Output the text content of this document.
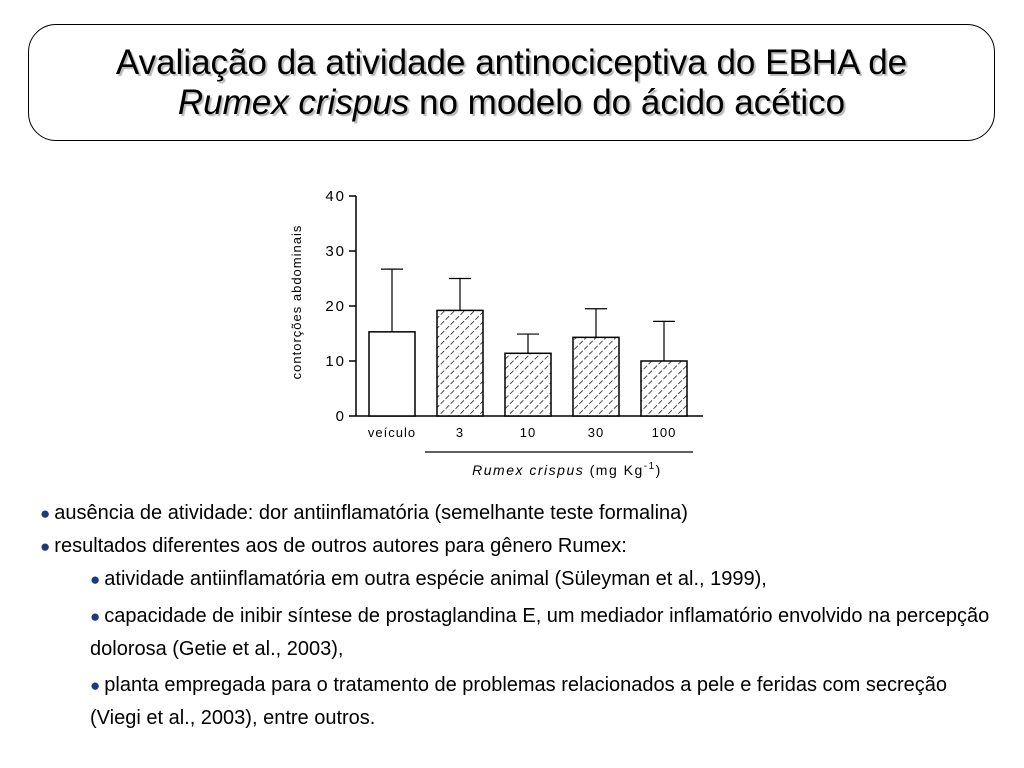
Avaliação da atividade antinociceptiva do EBHA de
Rumex crispus no modelo do ácido acético
0
10
20
30
40
contorções abdominais
veículo	3	10	30	100
Rumex crispus (mg $Kg^{-1}$)

● ausência de atividade: dor antiinflamatória (semelhante teste formalina)

● resultados diferentes aos de outros autores para gênero Rumex:

● atividade antiinflamatória em outra espécie animal (Süleyman et al., 1999),

● capacidade de inibir síntese de prostaglandina E, um mediador inflamatório envolvido na percepção dolorosa (Getie et al., 2003),

● planta empregada para o tratamento de problemas relacionados a pele e feridas com secreção (Viegi et al., 2003), entre outros.
